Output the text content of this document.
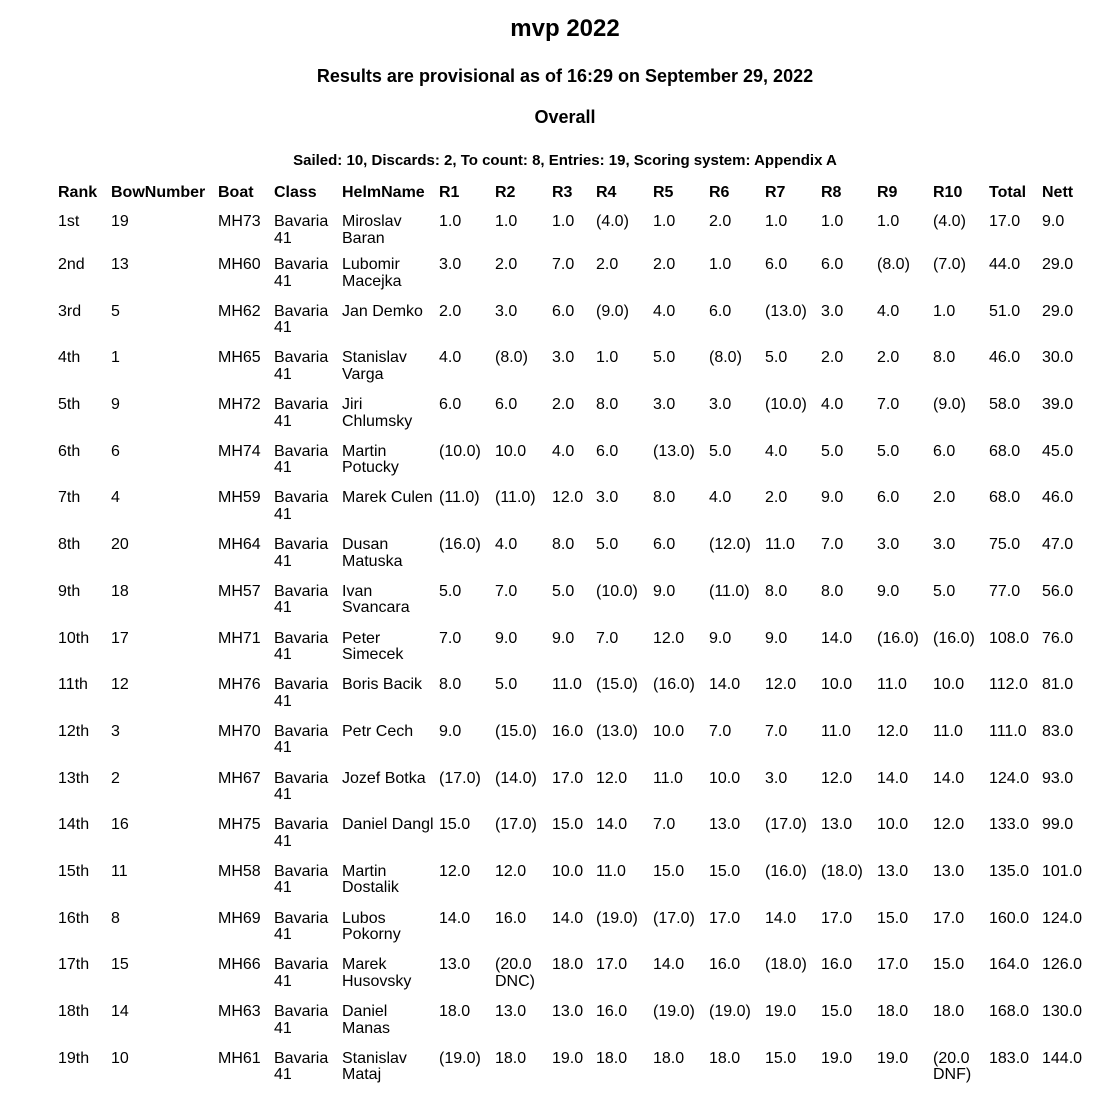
mvp 2022
Results are provisional as of 16:29 on September 29, 2022
Overall
Sailed: 10, Discards: 2, To count: 8, Entries: 19, Scoring system: Appendix A
Rank	BowNumber	Boat	Class	HelmName	R1	R2	R3	R4	R5	R6	R7	R8	R9	R10	Total	Nett
1st	19	MH73	Bavaria 41	Miroslav Baran	1.0	1.0	1.0	(4.0)	1.0	2.0	1.0	1.0	1.0	(4.0)	17.0	9.0
2nd	13	MH60	Bavaria 41	Lubomir Macejka	3.0	2.0	7.0	2.0	2.0	1.0	6.0	6.0	(8.0)	(7.0)	44.0	29.0
3rd	5	MH62	Bavaria 41	Jan Demko	2.0	3.0	6.0	(9.0)	4.0	6.0	(13.0)	3.0	4.0	1.0	51.0	29.0
4th	1	MH65	Bavaria 41	Stanislav Varga	4.0	(8.0)	3.0	1.0	5.0	(8.0)	5.0	2.0	2.0	8.0	46.0	30.0
5th	9	MH72	Bavaria 41	Jiri Chlumsky	6.0	6.0	2.0	8.0	3.0	3.0	(10.0)	4.0	7.0	(9.0)	58.0	39.0
6th	6	MH74	Bavaria 41	Martin Potucky	(10.0)	10.0	4.0	6.0	(13.0)	5.0	4.0	5.0	5.0	6.0	68.0	45.0
7th	4	MH59	Bavaria 41	Marek Culen	(11.0)	(11.0)	12.0	3.0	8.0	4.0	2.0	9.0	6.0	2.0	68.0	46.0
8th	20	MH64	Bavaria 41	Dusan Matuska	(16.0)	4.0	8.0	5.0	6.0	(12.0)	11.0	7.0	3.0	3.0	75.0	47.0
9th	18	MH57	Bavaria 41	Ivan Svancara	5.0	7.0	5.0	(10.0)	9.0	(11.0)	8.0	8.0	9.0	5.0	77.0	56.0
10th	17	MH71	Bavaria 41	Peter Simecek	7.0	9.0	9.0	7.0	12.0	9.0	9.0	14.0	(16.0)	(16.0)	108.0	76.0
11th	12	MH76	Bavaria 41	Boris Bacik	8.0	5.0	11.0	(15.0)	(16.0)	14.0	12.0	10.0	11.0	10.0	112.0	81.0
12th	3	MH70	Bavaria 41	Petr Cech	9.0	(15.0)	16.0	(13.0)	10.0	7.0	7.0	11.0	12.0	11.0	111.0	83.0
13th	2	MH67	Bavaria 41	Jozef Botka	(17.0)	(14.0)	17.0	12.0	11.0	10.0	3.0	12.0	14.0	14.0	124.0	93.0
14th	16	MH75	Bavaria 41	Daniel Dangl	15.0	(17.0)	15.0	14.0	7.0	13.0	(17.0)	13.0	10.0	12.0	133.0	99.0
15th	11	MH58	Bavaria 41	Martin Dostalik	12.0	12.0	10.0	11.0	15.0	15.0	(16.0)	(18.0)	13.0	13.0	135.0	101.0
16th	8	MH69	Bavaria 41	Lubos Pokorny	14.0	16.0	14.0	(19.0)	(17.0)	17.0	14.0	17.0	15.0	17.0	160.0	124.0
17th	15	MH66	Bavaria 41	Marek Husovsky	13.0	(20.0 DNC)	18.0	17.0	14.0	16.0	(18.0)	16.0	17.0	15.0	164.0	126.0
18th	14	MH63	Bavaria 41	Daniel Manas	18.0	13.0	13.0	16.0	(19.0)	(19.0)	19.0	15.0	18.0	18.0	168.0	130.0
19th	10	MH61	Bavaria 41	Stanislav Mataj	(19.0)	18.0	19.0	18.0	18.0	18.0	15.0	19.0	19.0	(20.0 DNF)	183.0	144.0
